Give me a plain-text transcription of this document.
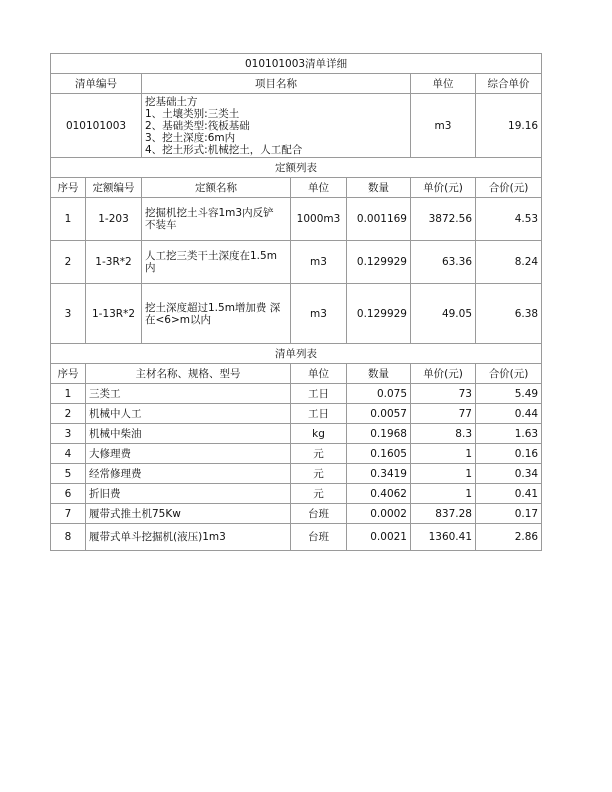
010101003清单详细						
清单编号		项目名称			单位	综合单价
010101003		挖基础土方
1、土壤类别:三类土
2、基础类型:筏板基础
3、挖土深度:6m内
4、挖土形式:机械挖土，人工配合			m3	19.16
定额列表						
序号	定额编号	定额名称	单位	数量	单价(元)	合价(元)
1	1-203	挖掘机挖土斗容1m3内反铲 不装车	1000m3	0.001169	3872.56	4.53
2	1-3R*2	人工挖三类干土深度在1.5m内	m3	0.129929	63.36	8.24
3	1-13R*2	挖土深度超过1.5m增加费 深在<6>m以内	m3	0.129929	49.05	6.38
清单列表						
序号	主材名称、规格、型号		单位	数量	单价(元)	合价(元)
1	三类工		工日	0.075	73	5.49
2	机械中人工		工日	0.0057	77	0.44
3	机械中柴油		kg	0.1968	8.3	1.63
4	大修理费		元	0.1605	1	0.16
5	经常修理费		元	0.3419	1	0.34
6	折旧费		元	0.4062	1	0.41
7	履带式推土机75Kw		台班	0.0002	837.28	0.17
8	履带式单斗挖掘机(液压)1m3		台班	0.0021	1360.41	2.86
